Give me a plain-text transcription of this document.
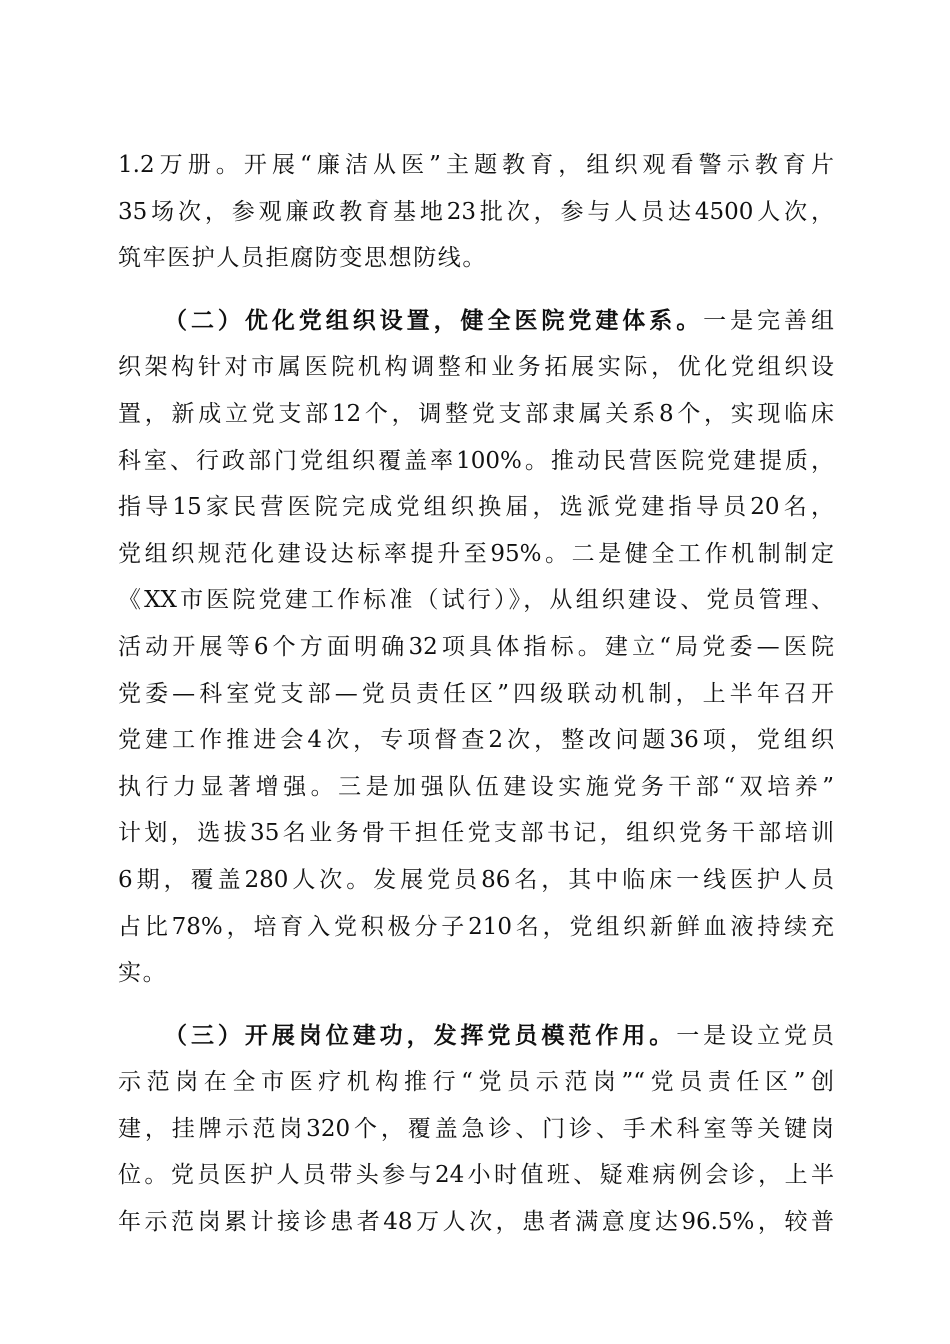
1.2万册。开展“廉洁从医”主题教育，组织观看警示教育片
35场次，参观廉政教育基地23批次，参与人员达4500人次，
筑牢医护人员拒腐防变思想防线。
（二）优化党组织设置，健全医院党建体系。一是完善组
织架构针对市属医院机构调整和业务拓展实际，优化党组织设
置，新成立党支部12个，调整党支部隶属关系8个，实现临床
科室、行政部门党组织覆盖率100%。推动民营医院党建提质，
指导15家民营医院完成党组织换届，选派党建指导员20名，
党组织规范化建设达标率提升至95%。二是健全工作机制制定
《XX市医院党建工作标准（试行）》，从组织建设、党员管理、
活动开展等6个方面明确32项具体指标。建立“局党委—医院
党委—科室党支部—党员责任区”四级联动机制，上半年召开
党建工作推进会4次，专项督查2次，整改问题36项，党组织
执行力显著增强。三是加强队伍建设实施党务干部“双培养”
计划，选拔35名业务骨干担任党支部书记，组织党务干部培训
6期，覆盖280人次。发展党员86名，其中临床一线医护人员
占比78%，培育入党积极分子210名，党组织新鲜血液持续充
实。
（三）开展岗位建功，发挥党员模范作用。一是设立党员
示范岗在全市医疗机构推行“党员示范岗”“党员责任区”创
建，挂牌示范岗320个，覆盖急诊、门诊、手术科室等关键岗
位。党员医护人员带头参与24小时值班、疑难病例会诊，上半
年示范岗累计接诊患者48万人次，患者满意度达96.5%，较普
